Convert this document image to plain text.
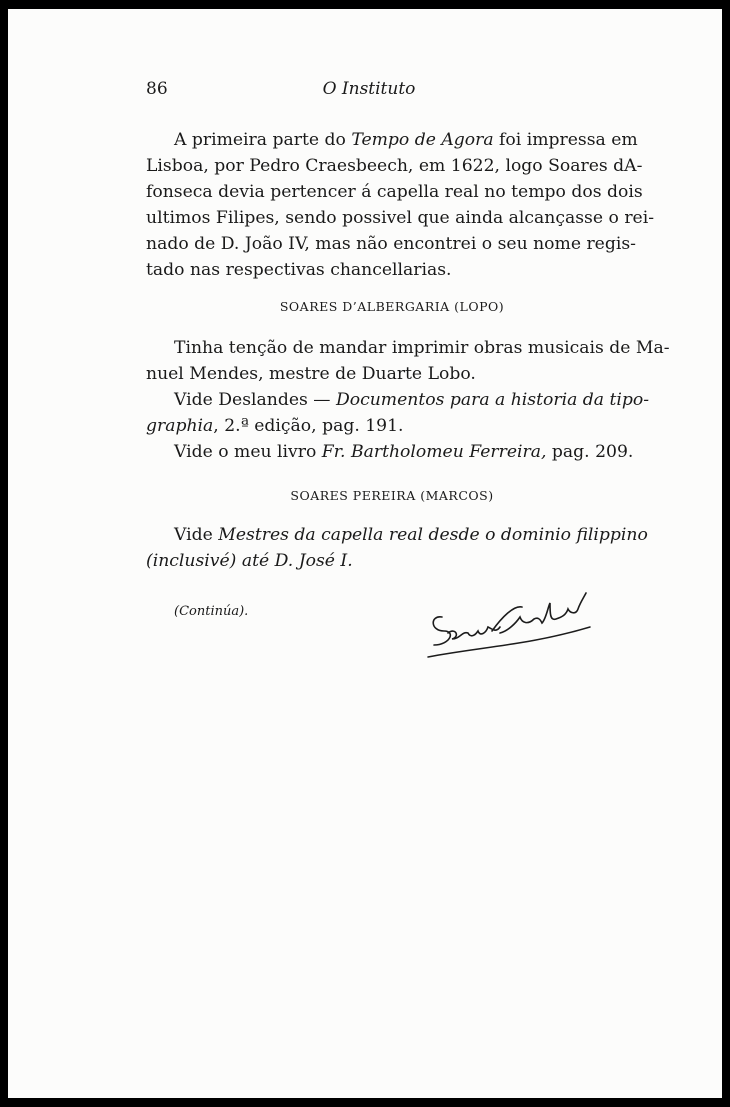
86	O Instituto
A primeira parte do Tempo de Agora foi impressa em
Lisboa, por Pedro Craesbeech, em 1622, logo Soares dA-
fonseca devia pertencer á capella real no tempo dos dois
ultimos Filipes, sendo possivel que ainda alcançasse o rei-
nado de D. João IV, mas não encontrei o seu nome regis-
tado nas respectivas chancellarias.
SOARES D’ALBERGARIA (LOPO)
Tinha tenção de mandar imprimir obras musicais de Ma-
nuel Mendes, mestre de Duarte Lobo.
Vide Deslandes — Documentos para a historia da tipo-
graphia, 2.ª edição, pag. 191.
Vide o meu livro Fr. Bartholomeu Ferreira, pag. 209.
SOARES PEREIRA (MARCOS)
Vide Mestres da capella real desde o dominio filippino
(inclusivé) até D. José I.
(Continúa).
